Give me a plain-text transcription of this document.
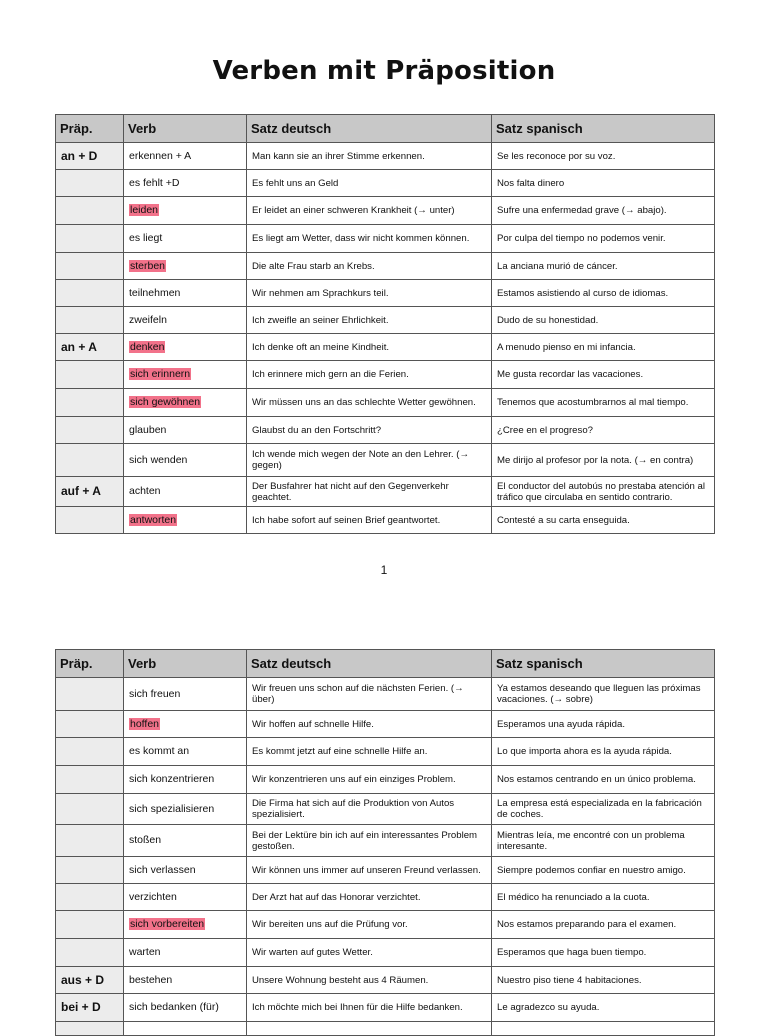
Verben mit Präposition
Präp.	Verb	Satz deutsch	Satz spanisch
an + D	erkennen + A	Man kann sie an ihrer Stimme erkennen.	Se les reconoce por su voz.
	es fehlt +D	Es fehlt uns an Geld	Nos falta dinero
	leiden	Er leidet an einer schweren Krankheit (→ unter)	Sufre una enfermedad grave (→ abajo).
	es liegt	Es liegt am Wetter, dass wir nicht kommen können.	Por culpa del tiempo no podemos venir.
	sterben	Die alte Frau starb an Krebs.	La anciana murió de cáncer.
	teilnehmen	Wir nehmen am Sprachkurs teil.	Estamos asistiendo al curso de idiomas.
	zweifeln	Ich zweifle an seiner Ehrlichkeit.	Dudo de su honestidad.
an + A	denken	Ich denke oft an meine Kindheit.	A menudo pienso en mi infancia.
	sich erinnern	Ich erinnere mich gern an die Ferien.	Me gusta recordar las vacaciones.
	sich gewöhnen	Wir müssen uns an das schlechte Wetter gewöhnen.	Tenemos que acostumbrarnos al mal tiempo.
	glauben	Glaubst du an den Fortschritt?	¿Cree en el progreso?
	sich wenden	Ich wende mich wegen der Note an den Lehrer. (→ gegen)	Me dirijo al profesor por la nota. (→ en contra)
auf + A	achten	Der Busfahrer hat nicht auf den Gegenverkehr geachtet.	El conductor del autobús no prestaba atención al tráfico que circulaba en sentido contrario.
	antworten	Ich habe sofort auf seinen Brief geantwortet.	Contesté a su carta enseguida.
1
Präp.	Verb	Satz deutsch	Satz spanisch
	sich freuen	Wir freuen uns schon auf die nächsten Ferien. (→ über)	Ya estamos deseando que lleguen las próximas vacaciones. (→ sobre)
	hoffen	Wir hoffen auf schnelle Hilfe.	Esperamos una ayuda rápida.
	es kommt an	Es kommt jetzt auf eine schnelle Hilfe an.	Lo que importa ahora es la ayuda rápida.
	sich konzentrieren	Wir konzentrieren uns auf ein einziges Problem.	Nos estamos centrando en un único problema.
	sich spezialisieren	Die Firma hat sich auf die Produktion von Autos spezialisiert.	La empresa está especializada en la fabricación de coches.
	stoßen	Bei der Lektüre bin ich auf ein interessantes Problem gestoßen.	Mientras leía, me encontré con un problema interesante.
	sich verlassen	Wir können uns immer auf unseren Freund verlassen.	Siempre podemos confiar en nuestro amigo.
	verzichten	Der Arzt hat auf das Honorar verzichtet.	El médico ha renunciado a la cuota.
	sich vorbereiten	Wir bereiten uns auf die Prüfung vor.	Nos estamos preparando para el examen.
	warten	Wir warten auf gutes Wetter.	Esperamos que haga buen tiempo.
aus + D	bestehen	Unsere Wohnung besteht aus 4 Räumen.	Nuestro piso tiene 4 habitaciones.
bei + D	sich bedanken (für)	Ich möchte mich bei Ihnen für die Hilfe bedanken.	Le agradezco su ayuda.
